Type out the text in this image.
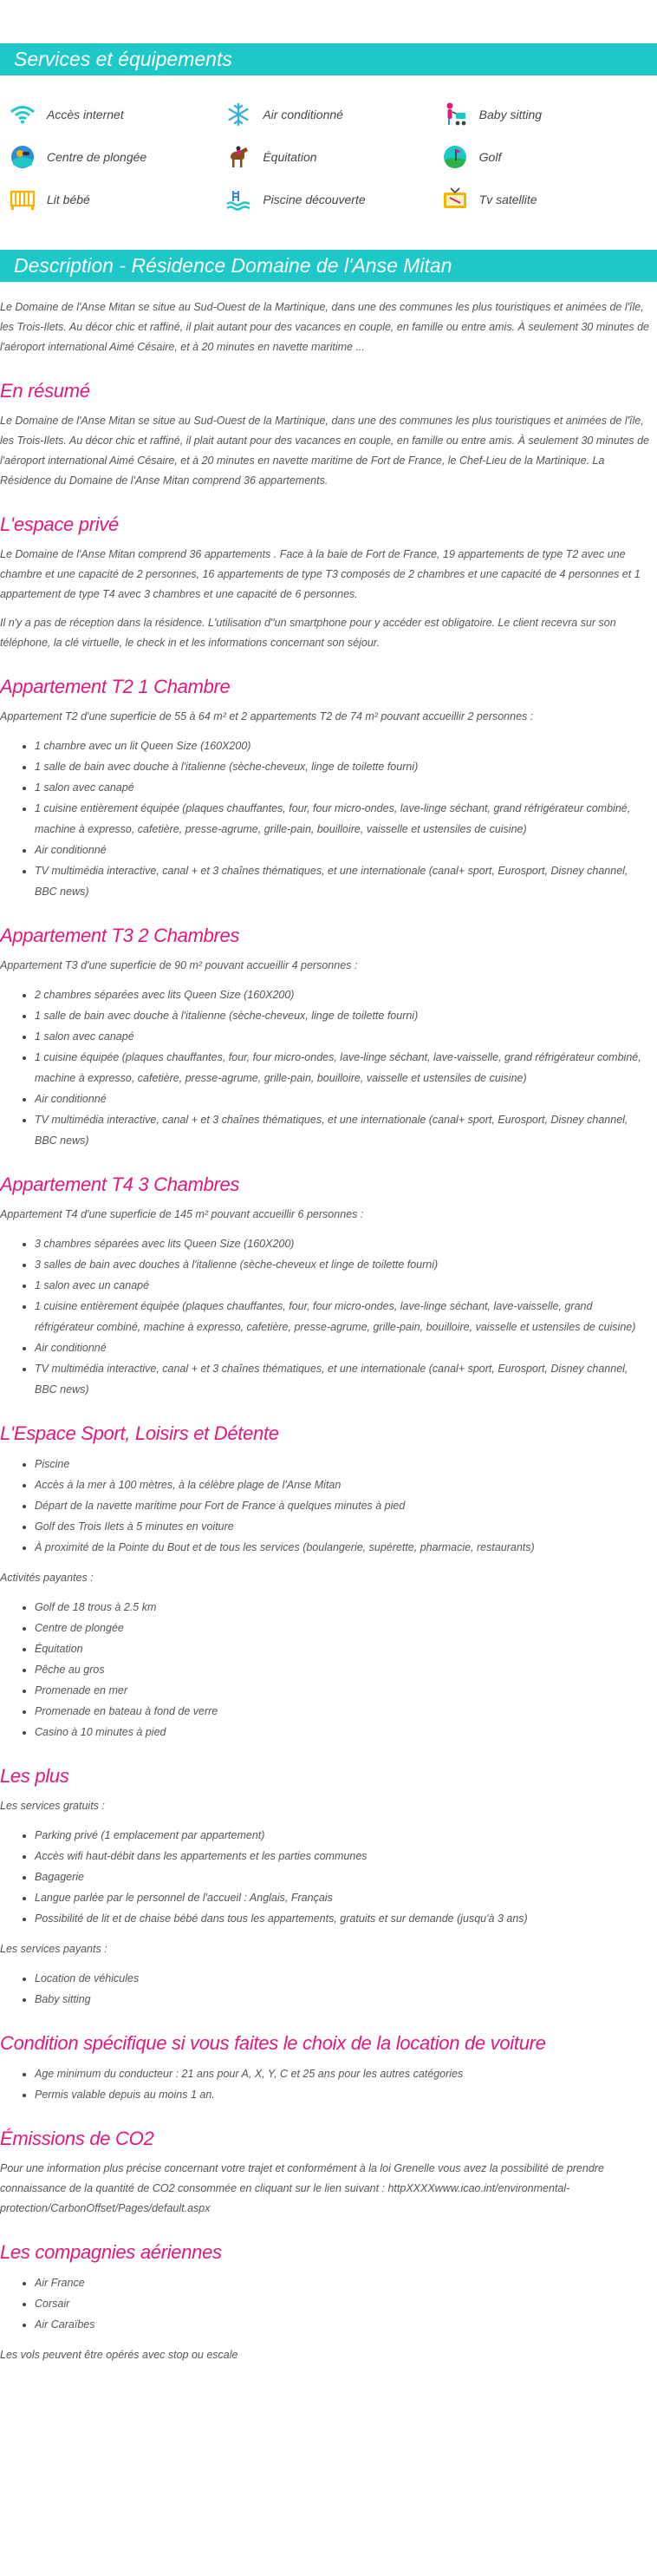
Services et équipements
Accès internet	Air conditionné	Baby sitting
Centre de plongée	Équitation	Golf
Lit bébé	Piscine découverte	Tv satellite
Description - Résidence Domaine de l'Anse Mitan

Le Domaine de l'Anse Mitan se situe au Sud-Ouest de la Martinique, dans une des communes les plus touristiques et animées de l'île, les Trois-Ilets. Au décor chic et raffiné, il plait autant pour des vacances en couple, en famille ou entre amis. À seulement 30 minutes de l'aéroport international Aimé Césaire, et à 20 minutes en navette maritime ...

En résumé

Le Domaine de l'Anse Mitan se situe au Sud-Ouest de la Martinique, dans une des communes les plus touristiques et animées de l'île, les Trois-Ilets. Au décor chic et raffiné, il plait autant pour des vacances en couple, en famille ou entre amis. À seulement 30 minutes de l'aéroport international Aimé Césaire, et à 20 minutes en navette maritime de Fort de France, le Chef-Lieu de la Martinique. La Résidence du Domaine de l'Anse Mitan comprend 36 appartements.

L'espace privé

Le Domaine de l'Anse Mitan comprend 36 appartements . Face à la baie de Fort de France, 19 appartements de type T2 avec une chambre et une capacité de 2 personnes, 16 appartements de type T3 composés de 2 chambres et une capacité de 4 personnes et 1 appartement de type T4 avec 3 chambres et une capacité de 6 personnes.

Il n'y a pas de réception dans la résidence. L'utilisation d''un smartphone pour y accéder est obligatoire. Le client recevra sur son téléphone, la clé virtuelle, le check in et les informations concernant son séjour.

Appartement T2 1 Chambre

Appartement T2 d'une superficie de 55 à 64 m² et 2 appartements T2 de 74 m² pouvant accueillir 2 personnes :

• 1 chambre avec un lit Queen Size (160X200)
• 1 salle de bain avec douche à l'italienne (sèche-cheveux, linge de toilette fourni)
• 1 salon avec canapé
• 1 cuisine entièrement équipée (plaques chauffantes, four, four micro-ondes, lave-linge séchant, grand réfrigérateur combiné, machine à expresso, cafetière, presse-agrume, grille-pain, bouilloire, vaisselle et ustensiles de cuisine)
• Air conditionné
• TV multimédia interactive, canal + et 3 chaînes thématiques, et une internationale (canal+ sport, Eurosport, Disney channel, BBC news)
Appartement T3 2 Chambres

Appartement T3 d'une superficie de 90 m² pouvant accueillir 4 personnes :

• 2 chambres séparées avec lits Queen Size (160X200)
• 1 salle de bain avec douche à l'italienne (sèche-cheveux, linge de toilette fourni)
• 1 salon avec canapé
• 1 cuisine équipée (plaques chauffantes, four, four micro-ondes, lave-linge séchant, lave-vaisselle, grand réfrigérateur combiné, machine à expresso, cafetière, presse-agrume, grille-pain, bouilloire, vaisselle et ustensiles de cuisine)
• Air conditionné
• TV multimédia interactive, canal + et 3 chaînes thématiques, et une internationale (canal+ sport, Eurosport, Disney channel, BBC news)
Appartement T4 3 Chambres

Appartement T4 d'une superficie de 145 m² pouvant accueillir 6 personnes :

• 3 chambres séparées avec lits Queen Size (160X200)
• 3 salles de bain avec douches à l'italienne (sèche-cheveux et linge de toilette fourni)
• 1 salon avec un canapé
• 1 cuisine entièrement équipée (plaques chauffantes, four, four micro-ondes, lave-linge séchant, lave-vaisselle, grand réfrigérateur combiné, machine à expresso, cafetière, presse-agrume, grille-pain, bouilloire, vaisselle et ustensiles de cuisine)
• Air conditionné
• TV multimédia interactive, canal + et 3 chaînes thématiques, et une internationale (canal+ sport, Eurosport, Disney channel, BBC news)
L'Espace Sport, Loisirs et Détente
• Piscine
• Accès à la mer à 100 mètres, à la célèbre plage de l'Anse Mitan
• Départ de la navette maritime pour Fort de France à quelques minutes à pied
• Golf des Trois Ilets à 5 minutes en voiture
• À proximité de la Pointe du Bout et de tous les services (boulangerie, supérette, pharmacie, restaurants)

Activités payantes :

• Golf de 18 trous à 2.5 km
• Centre de plongée
• Équitation
• Pêche au gros
• Promenade en mer
• Promenade en bateau à fond de verre
• Casino à 10 minutes à pied
Les plus

Les services gratuits :

• Parking privé (1 emplacement par appartement)
• Accès wifi haut-débit dans les appartements et les parties communes
• Bagagerie
• Langue parlée par le personnel de l'accueil : Anglais, Français
• Possibilité de lit et de chaise bébé dans tous les appartements, gratuits et sur demande (jusqu'à 3 ans)

Les services payants :

• Location de véhicules
• Baby sitting
Condition spécifique si vous faites le choix de la location de voiture
• Age minimum du conducteur : 21 ans pour A, X, Y, C et 25 ans pour les autres catégories
• Permis valable depuis au moins 1 an.
Émissions de CO2

Pour une information plus précise concernant votre trajet et conformément à la loi Grenelle vous avez la possibilité de prendre connaissance de la quantité de CO2 consommée en cliquant sur le lien suivant : httpXXXXwww.icao.int/environmental-protection/CarbonOffset/Pages/default.aspx

Les compagnies aériennes
• Air France
• Corsair
• Air Caraïbes

Les vols peuvent être opérés avec stop ou escale
